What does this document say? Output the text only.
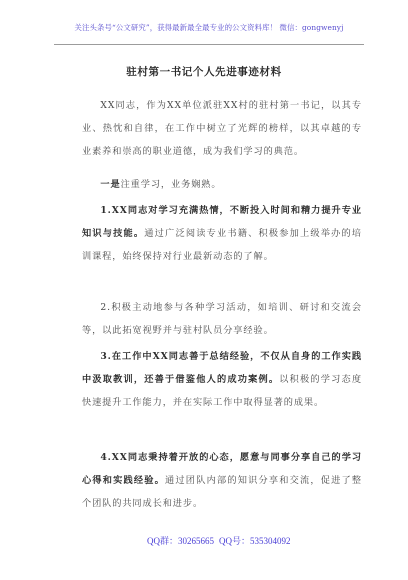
关注头条号“公文研究”，获得最新最全最专业的公文资料库！ 微信：gongwenyj
驻村第一书记个人先进事迹材料

XX同志，作为XX单位派驻XX村的驻村第一书记，以其专业、热忱和自律，在工作中树立了光辉的榜样，以其卓越的专业素养和崇高的职业道德，成为我们学习的典范。

一是注重学习，业务娴熟。

1.XX同志对学习充满热情，不断投入时间和精力提升专业知识与技能。通过广泛阅读专业书籍、积极参加上级举办的培训课程，始终保持对行业最新动态的了解。

2.积极主动地参与各种学习活动，如培训、研讨和交流会等，以此拓宽视野并与驻村队员分享经验。

3.在工作中XX同志善于总结经验，不仅从自身的工作实践中汲取教训，还善于借鉴他人的成功案例。以积极的学习态度快速提升工作能力，并在实际工作中取得显著的成果。

4.XX同志秉持着开放的心态，愿意与同事分享自己的学习心得和实践经验。通过团队内部的知识分享和交流，促进了整个团队的共同成长和进步。

QQ群：30265665 QQ号：535304092
